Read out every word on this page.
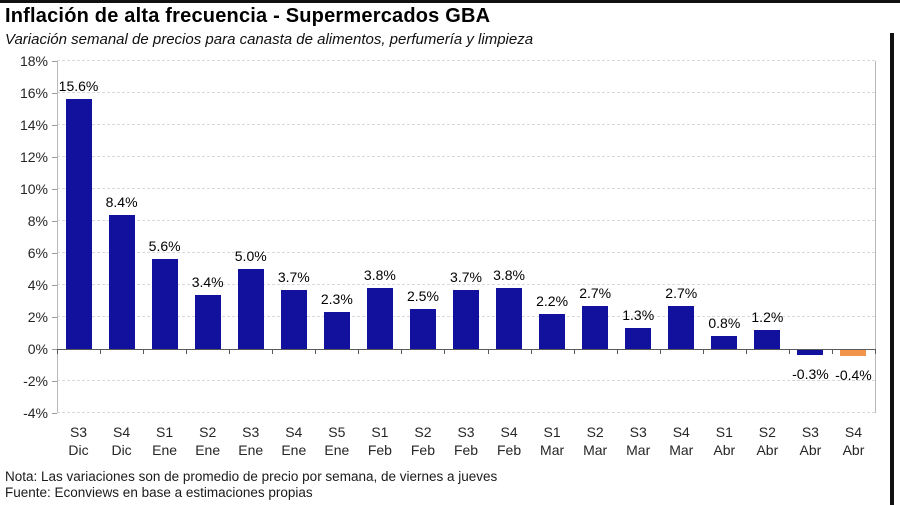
Inflación de alta frecuencia - Supermercados GBA
Variación semanal de precios para canasta de alimentos, perfumería y limpieza
18%
16%
14%
12%
10%
8%
6%
4%
2%
0%
-2%
-4%
15.6%
S3
Dic
8.4%
S4
Dic
5.6%
S1
Ene
3.4%
S2
Ene
5.0%
S3
Ene
3.7%
S4
Ene
2.3%
S5
Ene
3.8%
S1
Feb
2.5%
S2
Feb
3.7%
S3
Feb
3.8%
S4
Feb
2.2%
S1
Mar
2.7%
S2
Mar
1.3%
S3
Mar
2.7%
S4
Mar
0.8%
S1
Abr
1.2%
S2
Abr
-0.3%
S3
Abr
-0.4%
S4
Abr
Nota: Las variaciones son de promedio de precio por semana, de viernes a jueves
Fuente: Econviews en base a estimaciones propias
